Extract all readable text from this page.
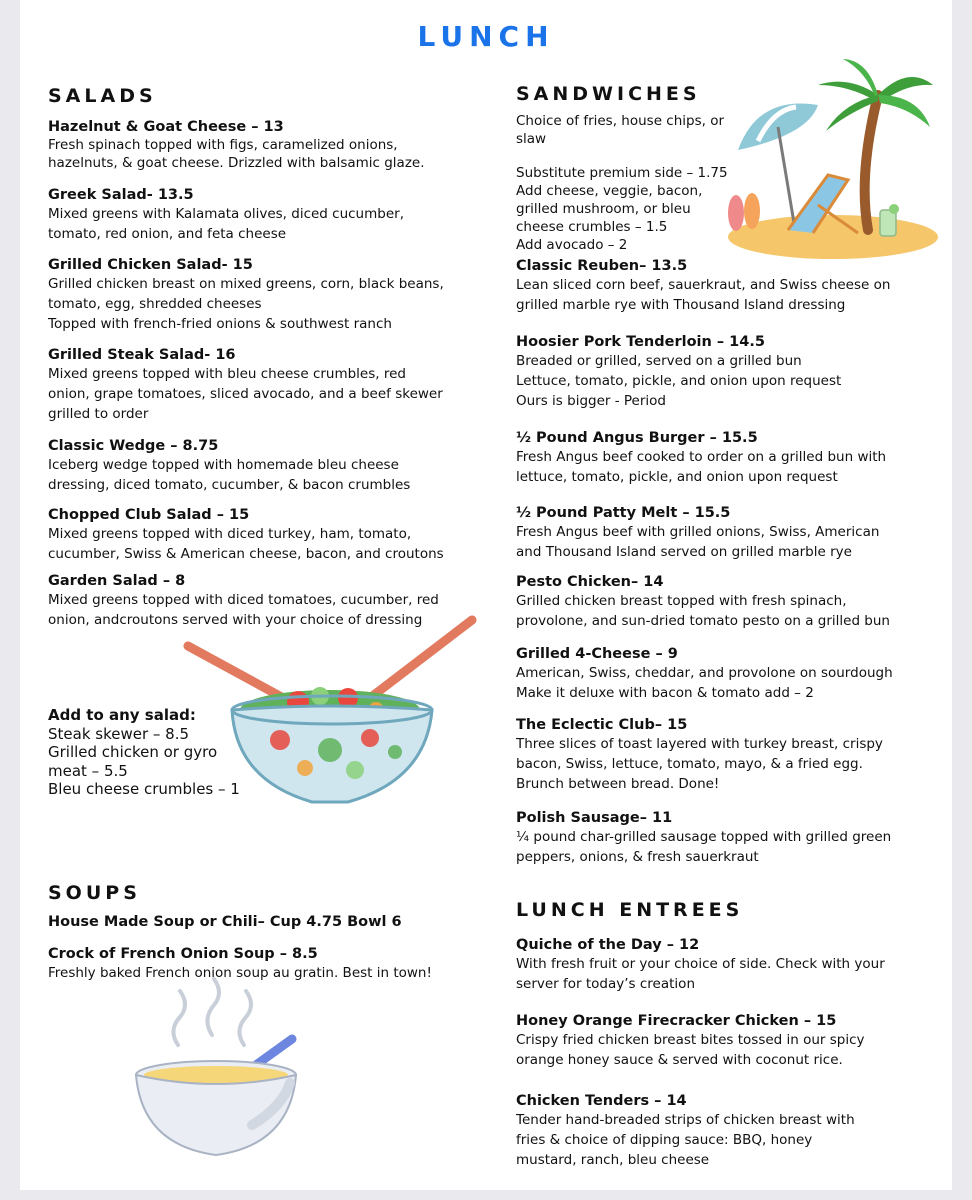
LUNCH
SALADS
Hazelnut & Goat Cheese – 13
Fresh spinach topped with figs, caramelized onions,
hazelnuts, & goat cheese. Drizzled with balsamic glaze.
Greek Salad- 13.5
Mixed greens with Kalamata olives, diced cucumber,
tomato, red onion, and feta cheese
Grilled Chicken Salad- 15
Grilled chicken breast on mixed greens, corn, black beans,
tomato, egg, shredded cheeses
Topped with french-fried onions & southwest ranch
Grilled Steak Salad- 16
Mixed greens topped with bleu cheese crumbles, red
onion, grape tomatoes, sliced avocado, and a beef skewer
grilled to order
Classic Wedge – 8.75
Iceberg wedge topped with homemade bleu cheese
dressing, diced tomato, cucumber, & bacon crumbles
Chopped Club Salad – 15
Mixed greens topped with diced turkey, ham, tomato,
cucumber, Swiss & American cheese, bacon, and croutons
Garden Salad – 8
Mixed greens topped with diced tomatoes, cucumber, red
onion, andcroutons served with your choice of dressing
Add to any salad:
Steak skewer – 8.5
Grilled chicken or gyro
meat – 5.5
Bleu cheese crumbles – 1
SOUPS
House Made Soup or Chili– Cup 4.75 Bowl 6
Crock of French Onion Soup – 8.5
Freshly baked French onion soup au gratin. Best in town!
SANDWICHES
Choice of fries, house chips, or
slaw
Substitute premium side – 1.75
Add cheese, veggie, bacon,
grilled mushroom, or bleu
cheese crumbles – 1.5
Add avocado – 2
Classic Reuben– 13.5
Lean sliced corn beef, sauerkraut, and Swiss cheese on
grilled marble rye with Thousand Island dressing
Hoosier Pork Tenderloin – 14.5
Breaded or grilled, served on a grilled bun
Lettuce, tomato, pickle, and onion upon request
Ours is bigger - Period
½ Pound Angus Burger – 15.5
Fresh Angus beef cooked to order on a grilled bun with
lettuce, tomato, pickle, and onion upon request
½ Pound Patty Melt – 15.5
Fresh Angus beef with grilled onions, Swiss, American
and Thousand Island served on grilled marble rye
Pesto Chicken– 14
Grilled chicken breast topped with fresh spinach,
provolone, and sun-dried tomato pesto on a grilled bun
Grilled 4-Cheese – 9
American, Swiss, cheddar, and provolone on sourdough
Make it deluxe with bacon & tomato add – 2
The Eclectic Club– 15
Three slices of toast layered with turkey breast, crispy
bacon, Swiss, lettuce, tomato, mayo, & a fried egg.
Brunch between bread. Done!
Polish Sausage– 11
¼ pound char-grilled sausage topped with grilled green
peppers, onions, & fresh sauerkraut
LUNCH ENTREES
Quiche of the Day – 12
With fresh fruit or your choice of side. Check with your
server for today’s creation
Honey Orange Firecracker Chicken – 15
Crispy fried chicken breast bites tossed in our spicy
orange honey sauce & served with coconut rice.
Chicken Tenders – 14
Tender hand-breaded strips of chicken breast with
fries & choice of dipping sauce: BBQ, honey
mustard, ranch, bleu cheese
